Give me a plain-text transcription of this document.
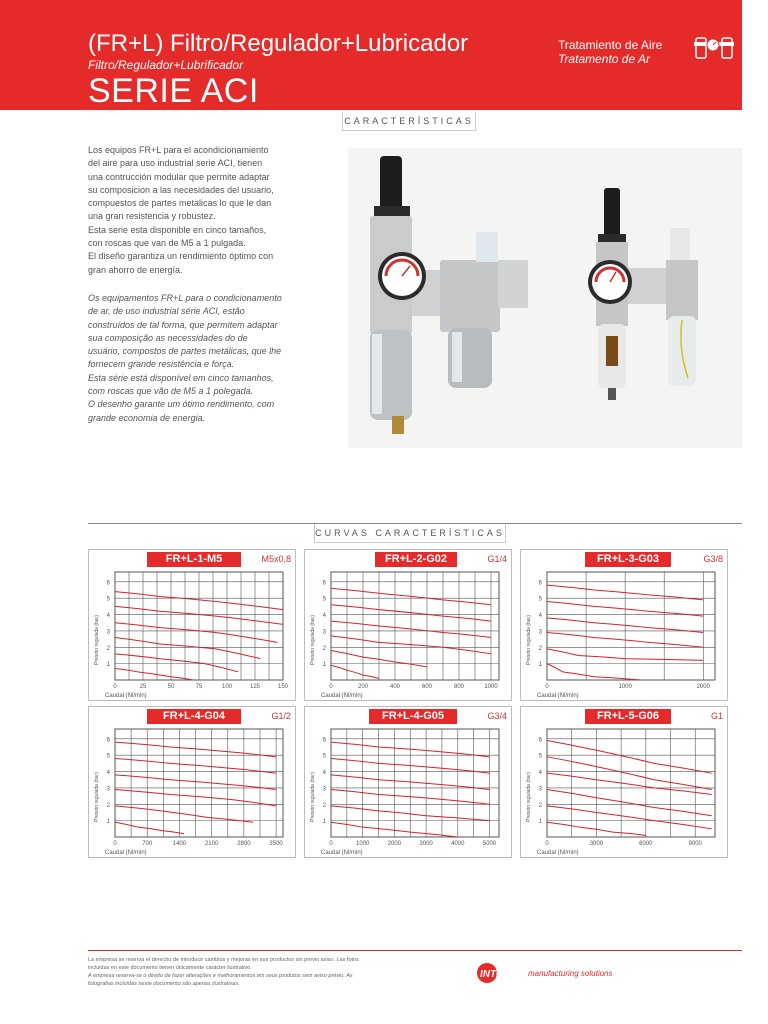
(FR+L) Filtro/Regulador+Lubricador
Filtro/Regulador+Lubrificador
SERIE ACI
Tratamiento de Aire
Tratamento de Ar
CARACTERÍSTICAS
Los equipos FR+L para el acondicionamiento
del aire para uso industrial serie ACI, tienen
una contrucción modular que permite adaptar
su composicion a las necesidades del usuario,
compuestos de partes metalicas lo que le dan
una gran resistencia y robustez.
Esta serie esta disponible en cinco tamaños,
con roscas que van de M5 a 1 pulgada.
El diseño garantiza un rendimiento óptimo con
gran ahorro de energía.
Os equipamentos FR+L para o condicionamento
de ar, de uso industrial série ACI, estão
construídos de tal forma, que permitem adaptar
sua composição as necessidades do de
usuário, compostos de partes metálicas, que lhe
fornecem grande resistência e força.
Esta série está disponível em cinco tamanhos,
com roscas que vão de M5 a 1 polegada.
O desenho garante um ótimo rendimento, com
grande economia de energia.
CURVAS CARACTERÍSTICAS
FR+L-1-M5	M5x0,8
1
2
3
4
5
6
0	25	50	75	100	125	150
Caudal (Nl/min)
Presión regulada (bar)
FR+L-2-G02	G1/4
1
2
3
4
5
6
0	200	400	600	800	1000
Caudal (Nl/min)
Presión regulada (bar)
FR+L-3-G03	G3/8
1
2
3
4
5
6
0	1000	2000
Caudal (Nl/min)
Presión regulada (bar)
FR+L-4-G04	G1/2
1
2
3
4
5
6
0	700	1400	2100	2800	3500
Caudal (Nl/min)
Presión regulada (bar)
FR+L-4-G05	G3/4
1
2
3
4
5
6
0	1000	2000	3000	4000	5000
Caudal (Nl/min)
Presión regulada (bar)
FR+L-5-G06	G1
1
2
3
4
5
6
0	3000	6000	9000
Caudal (Nl/min)
Presión regulada (bar)
La empresa se reserva el derecho de introducir cambios y mejoras en sus productos sin previo aviso. Las fotos incluidas en este documento tienen únicamente carácter ilustrativo.
A empresa reserva-se o direito de fazer alterações e melhoramentos em seus produtos sem aviso prévio. As fotografias incluídas neste documento são apenas ilustrativas.
INTOR manufacturing solutions
